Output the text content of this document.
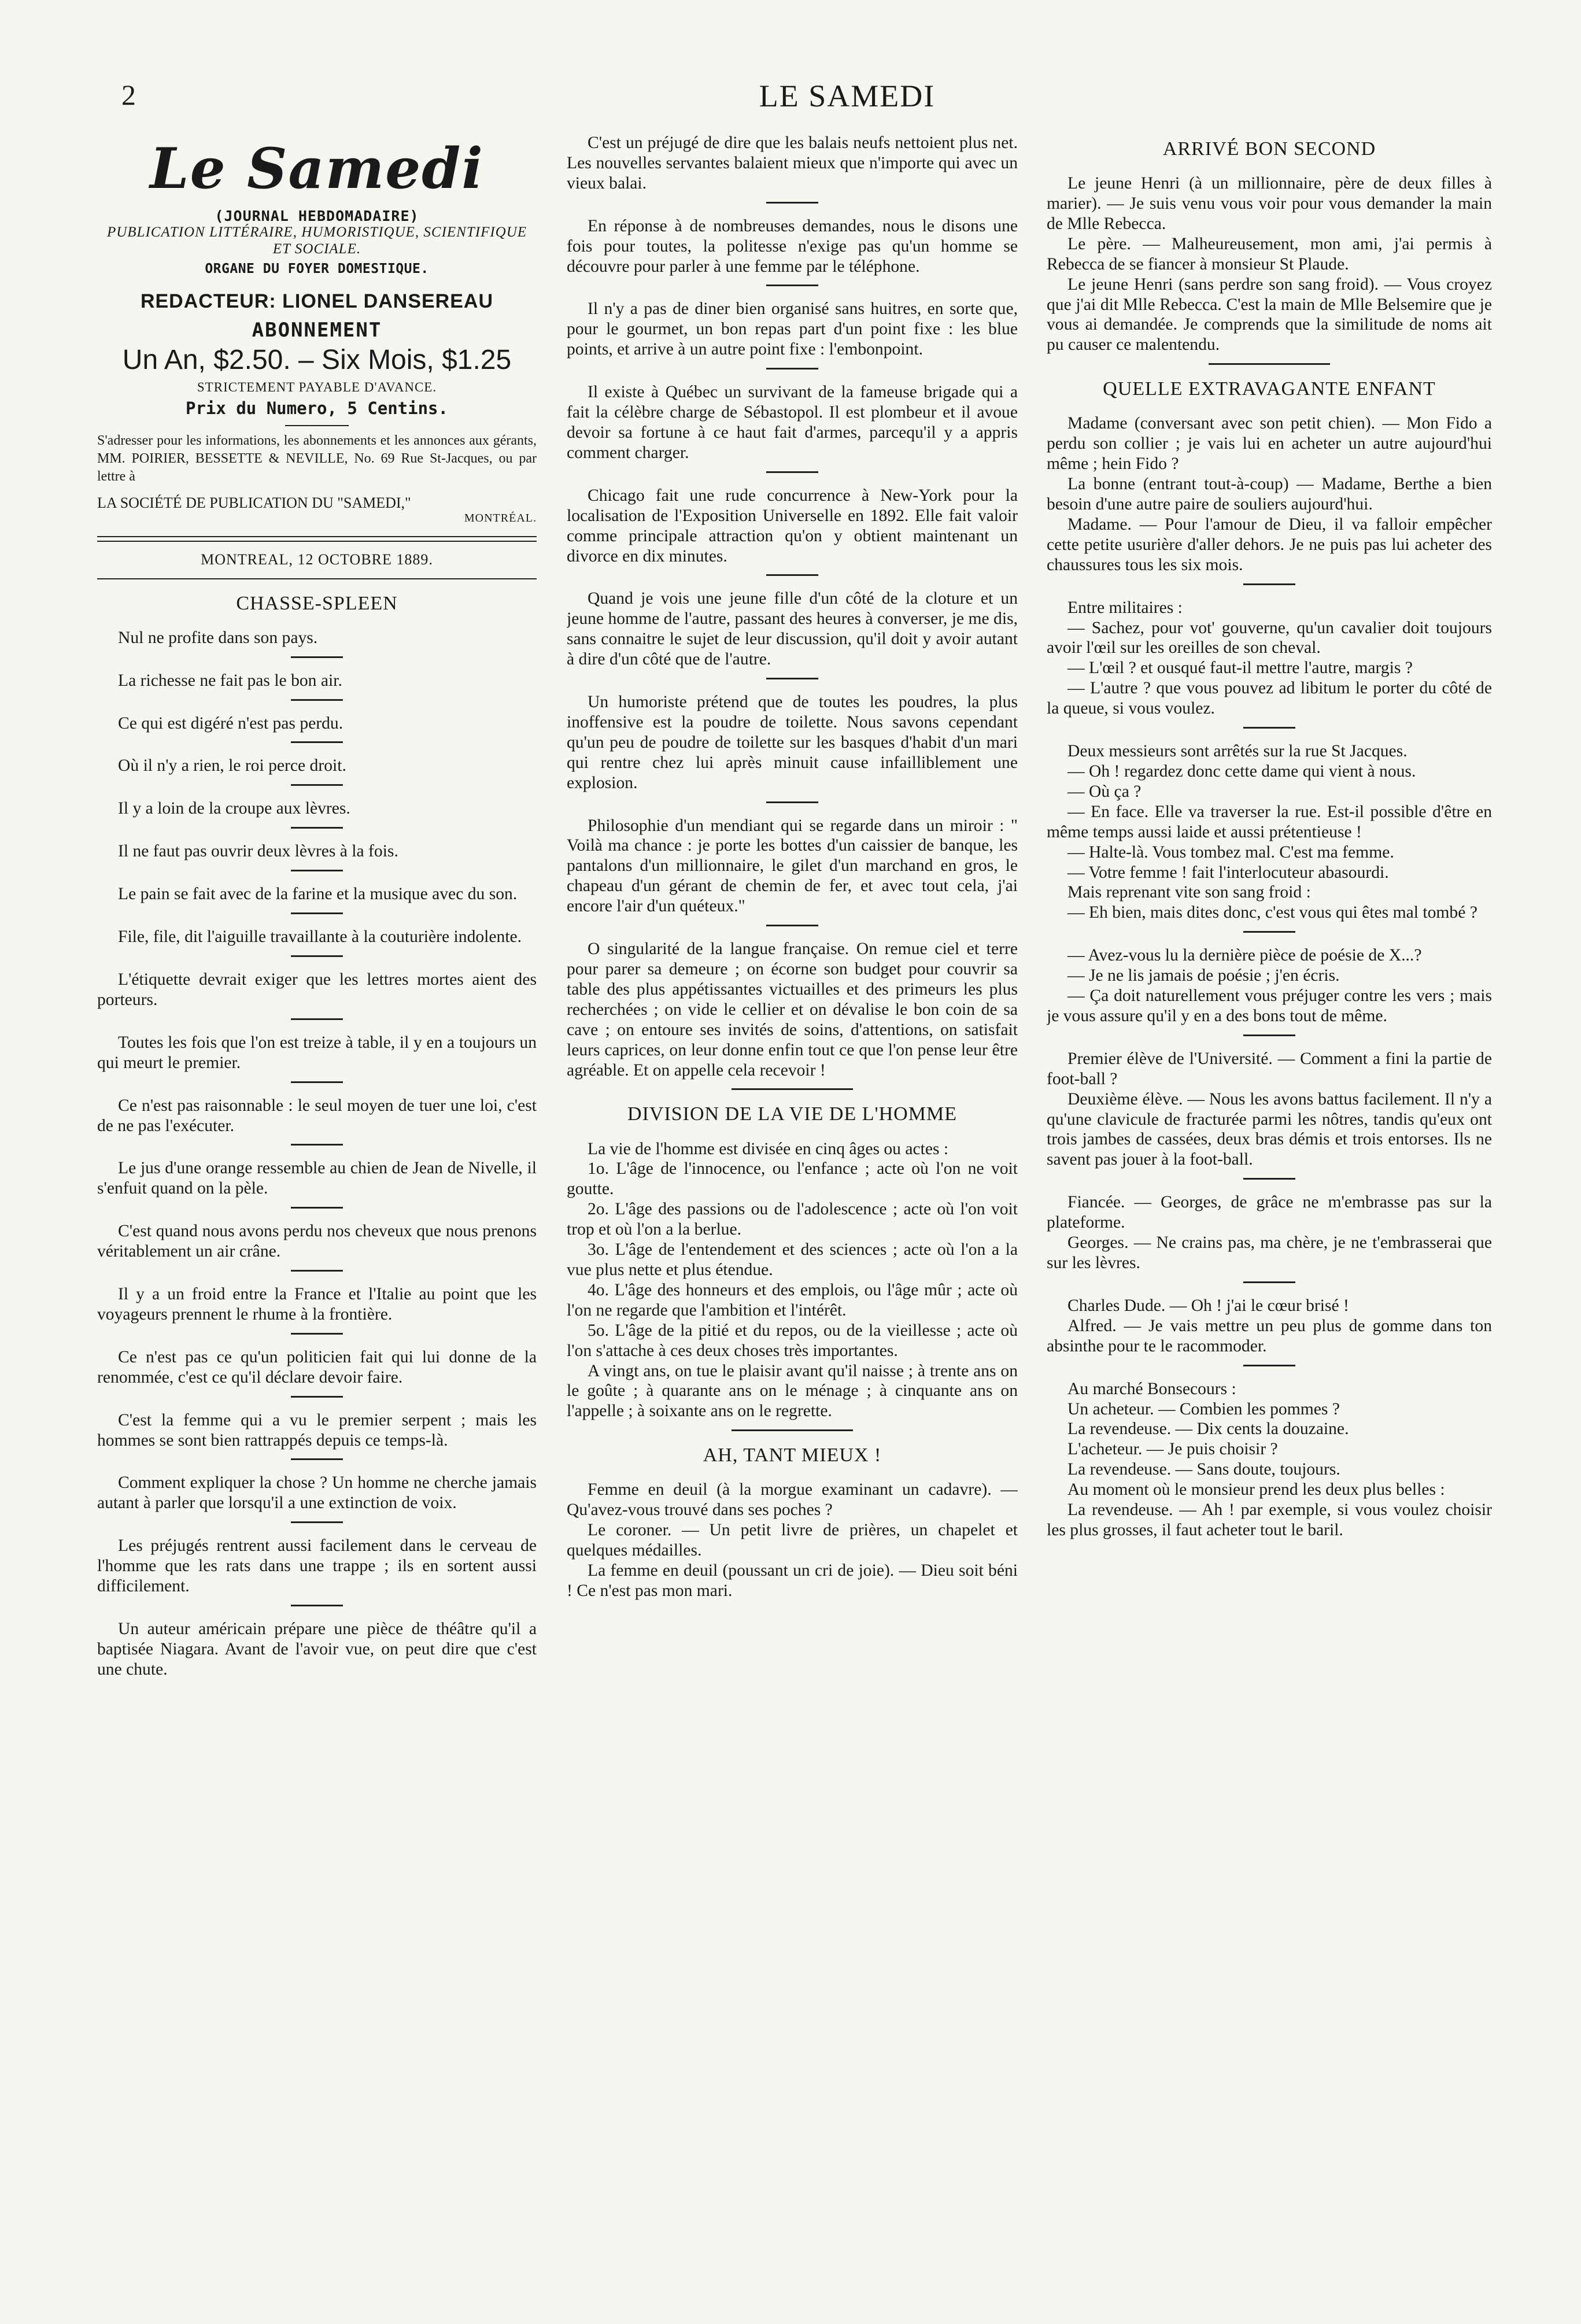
2	LE SAMEDI
Le Samedi
(JOURNAL HEBDOMADAIRE)
PUBLICATION LITTÉRAIRE, HUMORISTIQUE, SCIENTIFIQUE ET SOCIALE.
ORGANE DU FOYER DOMESTIQUE.
REDACTEUR: LIONEL DANSEREAU
ABONNEMENT
Un An, $2.50. – Six Mois, $1.25
STRICTEMENT PAYABLE D'AVANCE.
Prix du Numero, 5 Centins.
S'adresser pour les informations, les abonnements et les annonces aux gérants, MM. POIRIER, BESSETTE & NEVILLE, No. 69 Rue St-Jacques, ou par lettre à
LA SOCIÉTÉ DE PUBLICATION DU "SAMEDI,"
MONTRÉAL.
MONTREAL, 12 OCTOBRE 1889.
CHASSE-SPLEEN

Nul ne profite dans son pays.

La richesse ne fait pas le bon air.

Ce qui est digéré n'est pas perdu.

Où il n'y a rien, le roi perce droit.

Il y a loin de la croupe aux lèvres.

Il ne faut pas ouvrir deux lèvres à la fois.

Le pain se fait avec de la farine et la musique avec du son.

File, file, dit l'aiguille travaillante à la couturière indolente.

L'étiquette devrait exiger que les lettres mortes aient des porteurs.

Toutes les fois que l'on est treize à table, il y en a toujours un qui meurt le premier.

Ce n'est pas raisonnable : le seul moyen de tuer une loi, c'est de ne pas l'exécuter.

Le jus d'une orange ressemble au chien de Jean de Nivelle, il s'enfuit quand on la pèle.

C'est quand nous avons perdu nos cheveux que nous prenons véritablement un air crâne.

Il y a un froid entre la France et l'Italie au point que les voyageurs prennent le rhume à la frontière.

Ce n'est pas ce qu'un politicien fait qui lui donne de la renommée, c'est ce qu'il déclare devoir faire.

C'est la femme qui a vu le premier serpent ; mais les hommes se sont bien rattrappés depuis ce temps-là.

Comment expliquer la chose ? Un homme ne cherche jamais autant à parler que lorsqu'il a une extinction de voix.

Les préjugés rentrent aussi facilement dans le cerveau de l'homme que les rats dans une trappe ; ils en sortent aussi difficilement.

Un auteur américain prépare une pièce de théâtre qu'il a baptisée Niagara. Avant de l'avoir vue, on peut dire que c'est une chute.

C'est un préjugé de dire que les balais neufs nettoient plus net. Les nouvelles servantes balaient mieux que n'importe qui avec un vieux balai.

En réponse à de nombreuses demandes, nous le disons une fois pour toutes, la politesse n'exige pas qu'un homme se découvre pour parler à une femme par le téléphone.

Il n'y a pas de diner bien organisé sans huitres, en sorte que, pour le gourmet, un bon repas part d'un point fixe : les blue points, et arrive à un autre point fixe : l'embonpoint.

Il existe à Québec un survivant de la fameuse brigade qui a fait la célèbre charge de Sébastopol. Il est plombeur et il avoue devoir sa fortune à ce haut fait d'armes, parcequ'il y a appris comment charger.

Chicago fait une rude concurrence à New-York pour la localisation de l'Exposition Universelle en 1892. Elle fait valoir comme principale attraction qu'on y obtient maintenant un divorce en dix minutes.

Quand je vois une jeune fille d'un côté de la cloture et un jeune homme de l'autre, passant des heures à converser, je me dis, sans connaitre le sujet de leur discussion, qu'il doit y avoir autant à dire d'un côté que de l'autre.

Un humoriste prétend que de toutes les poudres, la plus inoffensive est la poudre de toilette. Nous savons cependant qu'un peu de poudre de toilette sur les basques d'habit d'un mari qui rentre chez lui après minuit cause infailliblement une explosion.

Philosophie d'un mendiant qui se regarde dans un miroir : " Voilà ma chance : je porte les bottes d'un caissier de banque, les pantalons d'un millionnaire, le gilet d'un marchand en gros, le chapeau d'un gérant de chemin de fer, et avec tout cela, j'ai encore l'air d'un quéteux."

O singularité de la langue française. On remue ciel et terre pour parer sa demeure ; on écorne son budget pour couvrir sa table des plus appétissantes victuailles et des primeurs les plus recherchées ; on vide le cellier et on dévalise le bon coin de sa cave ; on entoure ses invités de soins, d'attentions, on satisfait leurs caprices, on leur donne enfin tout ce que l'on pense leur être agréable. Et on appelle cela recevoir !

DIVISION DE LA VIE DE L'HOMME

La vie de l'homme est divisée en cinq âges ou actes :

1o. L'âge de l'innocence, ou l'enfance ; acte où l'on ne voit goutte.

2o. L'âge des passions ou de l'adolescence ; acte où l'on voit trop et où l'on a la berlue.

3o. L'âge de l'entendement et des sciences ; acte où l'on a la vue plus nette et plus étendue.

4o. L'âge des honneurs et des emplois, ou l'âge mûr ; acte où l'on ne regarde que l'ambition et l'intérêt.

5o. L'âge de la pitié et du repos, ou de la vieillesse ; acte où l'on s'attache à ces deux choses très importantes.

A vingt ans, on tue le plaisir avant qu'il naisse ; à trente ans on le goûte ; à quarante ans on le ménage ; à cinquante ans on l'appelle ; à soixante ans on le regrette.

AH, TANT MIEUX !

Femme en deuil (à la morgue examinant un cadavre). — Qu'avez-vous trouvé dans ses poches ?

Le coroner. — Un petit livre de prières, un chapelet et quelques médailles.

La femme en deuil (poussant un cri de joie). — Dieu soit béni ! Ce n'est pas mon mari.

ARRIVÉ BON SECOND

Le jeune Henri (à un millionnaire, père de deux filles à marier). — Je suis venu vous voir pour vous demander la main de Mlle Rebecca.

Le père. — Malheureusement, mon ami, j'ai permis à Rebecca de se fiancer à monsieur St Plaude.

Le jeune Henri (sans perdre son sang froid). — Vous croyez que j'ai dit Mlle Rebecca. C'est la main de Mlle Belsemire que je vous ai demandée. Je comprends que la similitude de noms ait pu causer ce malentendu.

QUELLE EXTRAVAGANTE ENFANT

Madame (conversant avec son petit chien). — Mon Fido a perdu son collier ; je vais lui en acheter un autre aujourd'hui même ; hein Fido ?

La bonne (entrant tout-à-coup) — Madame, Berthe a bien besoin d'une autre paire de souliers aujourd'hui.

Madame. — Pour l'amour de Dieu, il va falloir empêcher cette petite usurière d'aller dehors. Je ne puis pas lui acheter des chaussures tous les six mois.

Entre militaires :

— Sachez, pour vot' gouverne, qu'un cavalier doit toujours avoir l'œil sur les oreilles de son cheval.

— L'œil ? et ousqué faut-il mettre l'autre, margis ?

— L'autre ? que vous pouvez ad libitum le porter du côté de la queue, si vous voulez.

Deux messieurs sont arrêtés sur la rue St Jacques.

— Oh ! regardez donc cette dame qui vient à nous.

— Où ça ?

— En face. Elle va traverser la rue. Est-il possible d'être en même temps aussi laide et aussi prétentieuse !

— Halte-là. Vous tombez mal. C'est ma femme.

— Votre femme ! fait l'interlocuteur abasourdi.

Mais reprenant vite son sang froid :

— Eh bien, mais dites donc, c'est vous qui êtes mal tombé ?

— Avez-vous lu la dernière pièce de poésie de X...?

— Je ne lis jamais de poésie ; j'en écris.

— Ça doit naturellement vous préjuger contre les vers ; mais je vous assure qu'il y en a des bons tout de même.

Premier élève de l'Université. — Comment a fini la partie de foot-ball ?

Deuxième élève. — Nous les avons battus facilement. Il n'y a qu'une clavicule de fracturée parmi les nôtres, tandis qu'eux ont trois jambes de cassées, deux bras démis et trois entorses. Ils ne savent pas jouer à la foot-ball.

Fiancée. — Georges, de grâce ne m'embrasse pas sur la plateforme.

Georges. — Ne crains pas, ma chère, je ne t'embrasserai que sur les lèvres.

Charles Dude. — Oh ! j'ai le cœur brisé !

Alfred. — Je vais mettre un peu plus de gomme dans ton absinthe pour te le racommoder.

Au marché Bonsecours :

Un acheteur. — Combien les pommes ?

La revendeuse. — Dix cents la douzaine.

L'acheteur. — Je puis choisir ?

La revendeuse. — Sans doute, toujours.

Au moment où le monsieur prend les deux plus belles :

La revendeuse. — Ah ! par exemple, si vous voulez choisir les plus grosses, il faut acheter tout le baril.
